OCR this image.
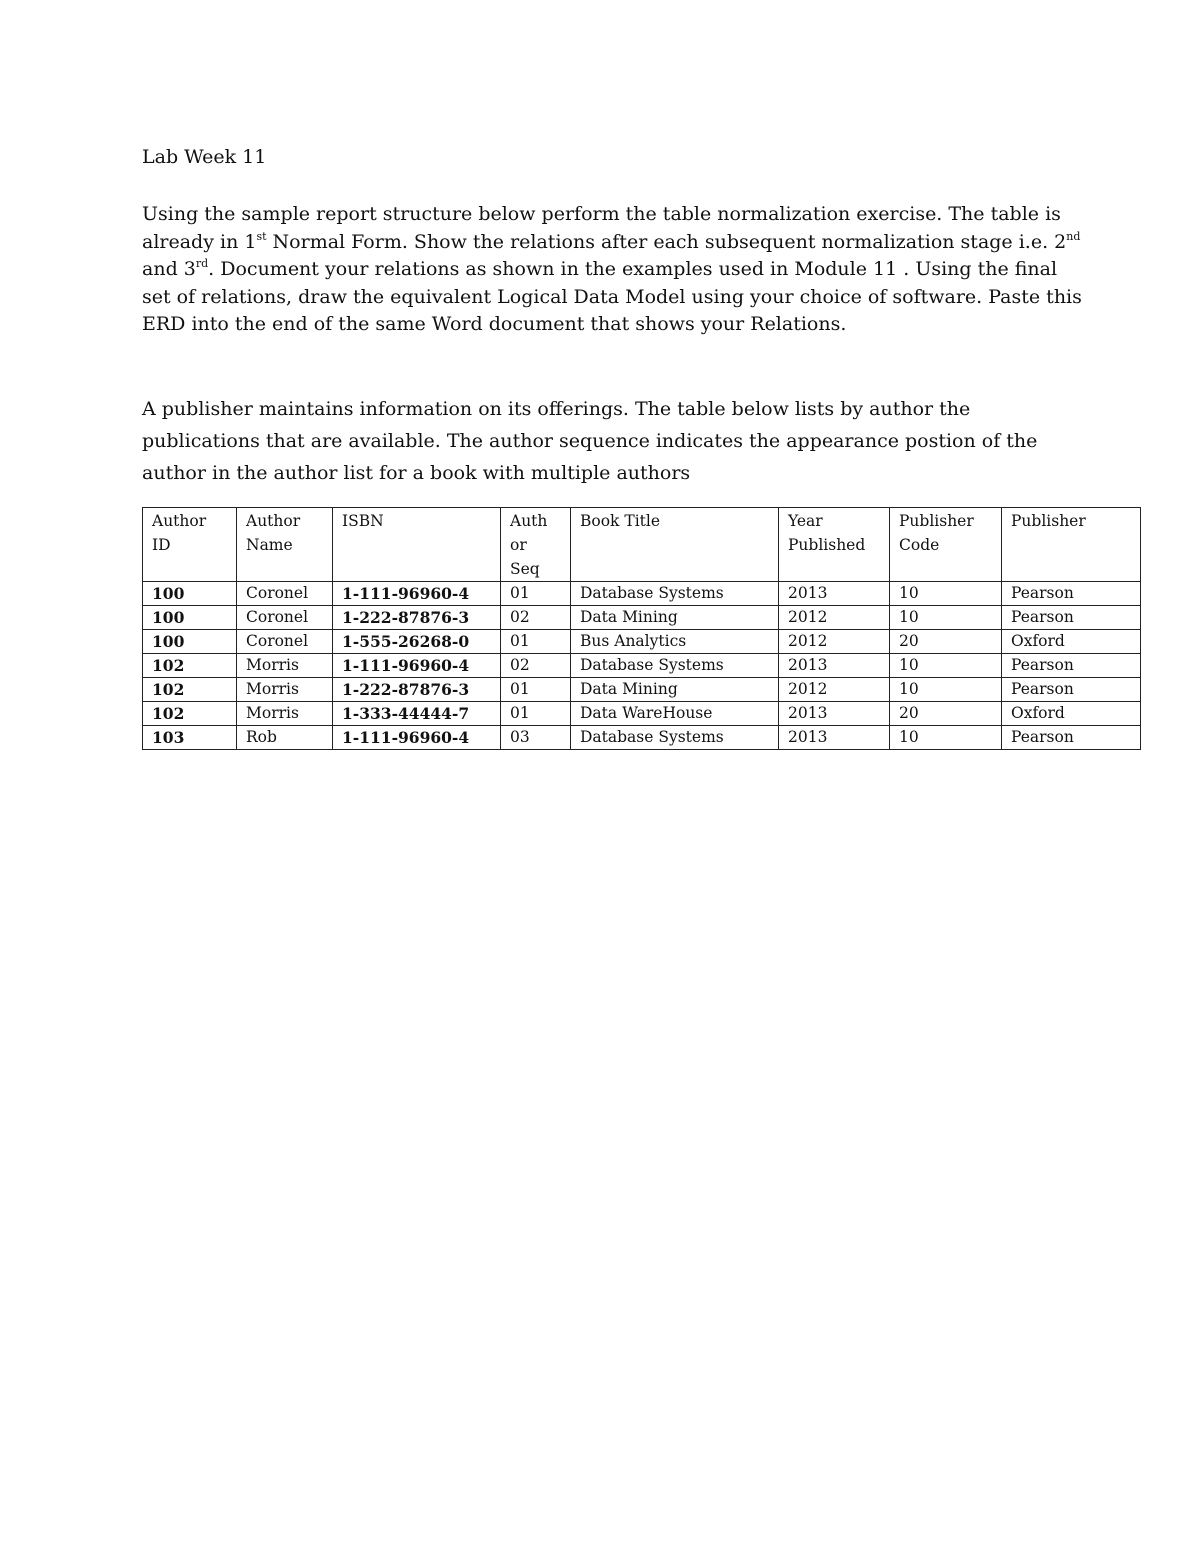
Lab Week 11
Using the sample report structure below perform the table normalization exercise. The table is already in 1st Normal Form. Show the relations after each subsequent normalization stage i.e. 2nd and 3rd. Document your relations as shown in the examples used in Module 11 . Using the final set of relations, draw the equivalent Logical Data Model using your choice of software. Paste this ERD into the end of the same Word document that shows your Relations.
A publisher maintains information on its offerings. The table below lists by author the publications that are available. The author sequence indicates the appearance postion of the author in the author list for a book with multiple authors
Author ID	Author Name	ISBN	Auth or Seq	Book Title	Year Published	Publisher Code	Publisher
100	Coronel	1-111-96960-4	01	Database Systems	2013	10	Pearson
100	Coronel	1-222-87876-3	02	Data Mining	2012	10	Pearson
100	Coronel	1-555-26268-0	01	Bus Analytics	2012	20	Oxford
102	Morris	1-111-96960-4	02	Database Systems	2013	10	Pearson
102	Morris	1-222-87876-3	01	Data Mining	2012	10	Pearson
102	Morris	1-333-44444-7	01	Data WareHouse	2013	20	Oxford
103	Rob	1-111-96960-4	03	Database Systems	2013	10	Pearson
